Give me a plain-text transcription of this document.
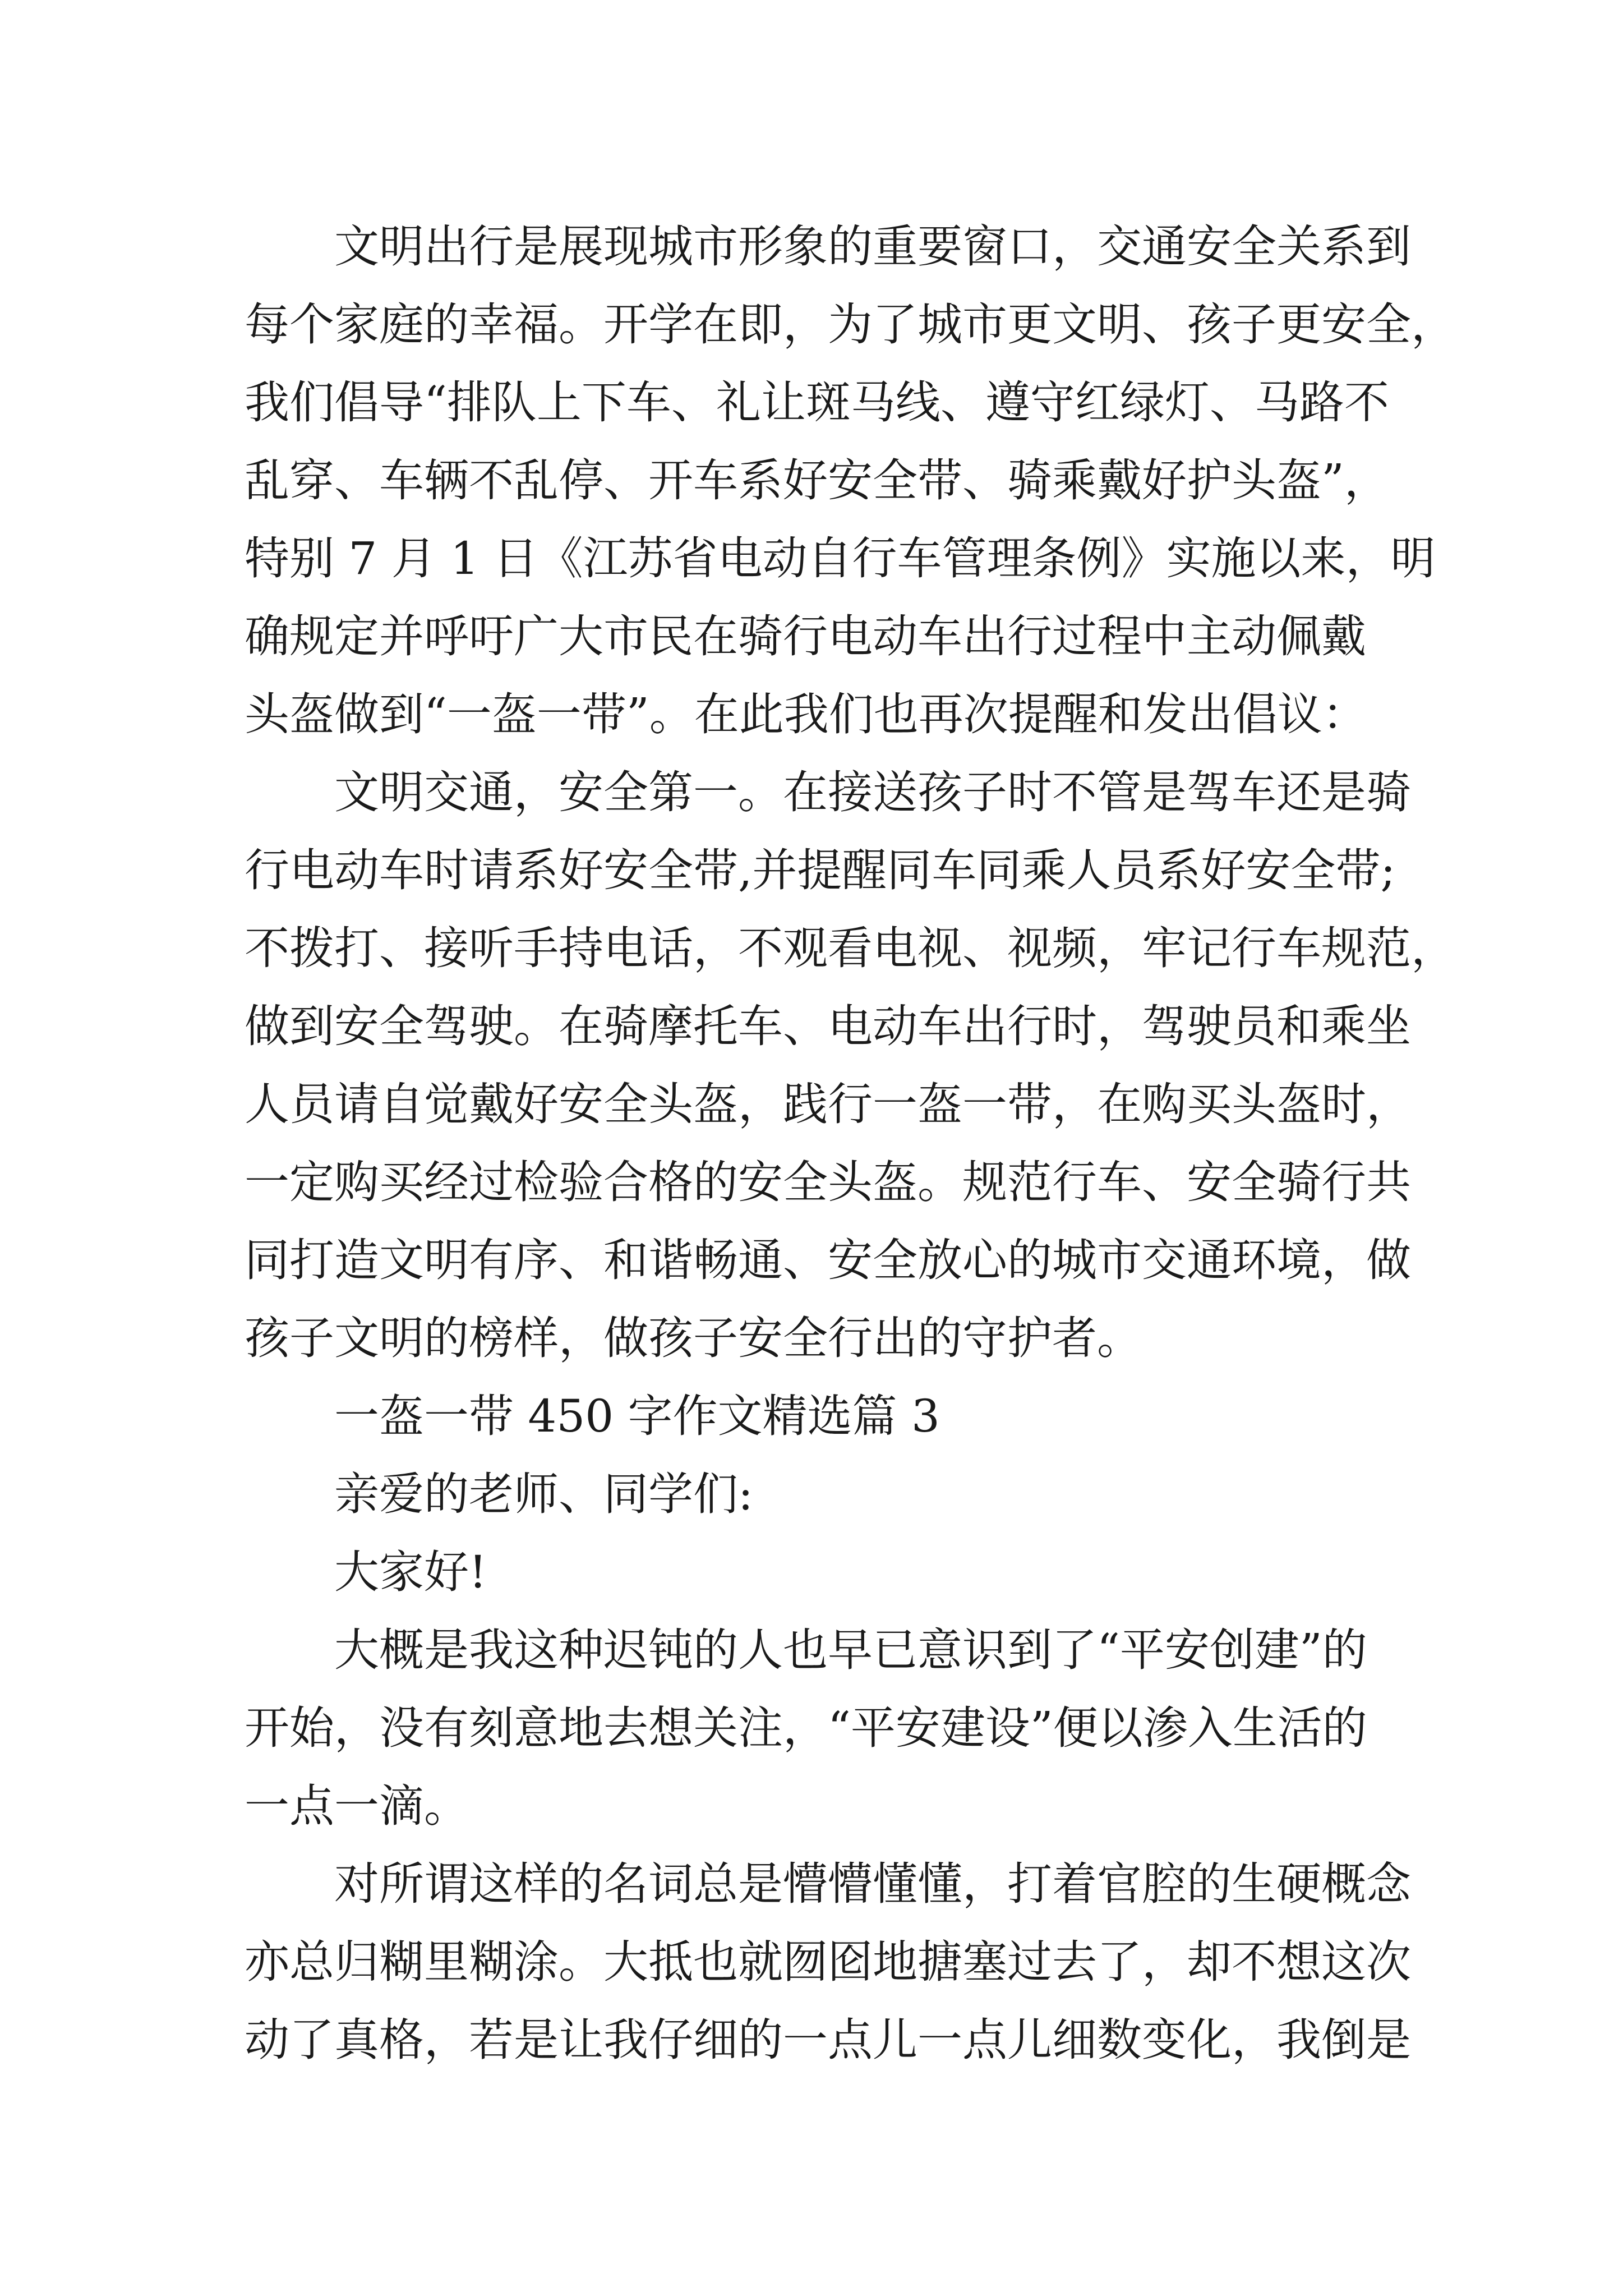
文明出行是展现城市形象的重要窗口，交通安全关系到
每个家庭的幸福。开学在即，为了城市更文明、孩子更安全，
我们倡导“排队上下车、礼让斑马线、遵守红绿灯、马路不
乱穿、车辆不乱停、开车系好安全带、骑乘戴好护头盔”，
特别 7 月 1 日《江苏省电动自行车管理条例》实施以来，明
确规定并呼吁广大市民在骑行电动车出行过程中主动佩戴
头盔做到“一盔一带”。在此我们也再次提醒和发出倡议：
文明交通，安全第一。在接送孩子时不管是驾车还是骑
行电动车时请系好安全带,并提醒同车同乘人员系好安全带;
不拨打、接听手持电话，不观看电视、视频，牢记行车规范，
做到安全驾驶。在骑摩托车、电动车出行时，驾驶员和乘坐
人员请自觉戴好安全头盔，践行一盔一带，在购买头盔时，
一定购买经过检验合格的安全头盔。规范行车、安全骑行共
同打造文明有序、和谐畅通、安全放心的城市交通环境，做
孩子文明的榜样，做孩子安全行出的守护者。
一盔一带 450 字作文精选篇 3
亲爱的老师、同学们:
大家好!
大概是我这种迟钝的人也早已意识到了“平安创建”的
开始，没有刻意地去想关注，“平安建设”便以渗入生活的
一点一滴。
对所谓这样的名词总是懵懵懂懂，打着官腔的生硬概念
亦总归糊里糊涂。大抵也就囫囵地搪塞过去了，却不想这次
动了真格，若是让我仔细的一点儿一点儿细数变化，我倒是
